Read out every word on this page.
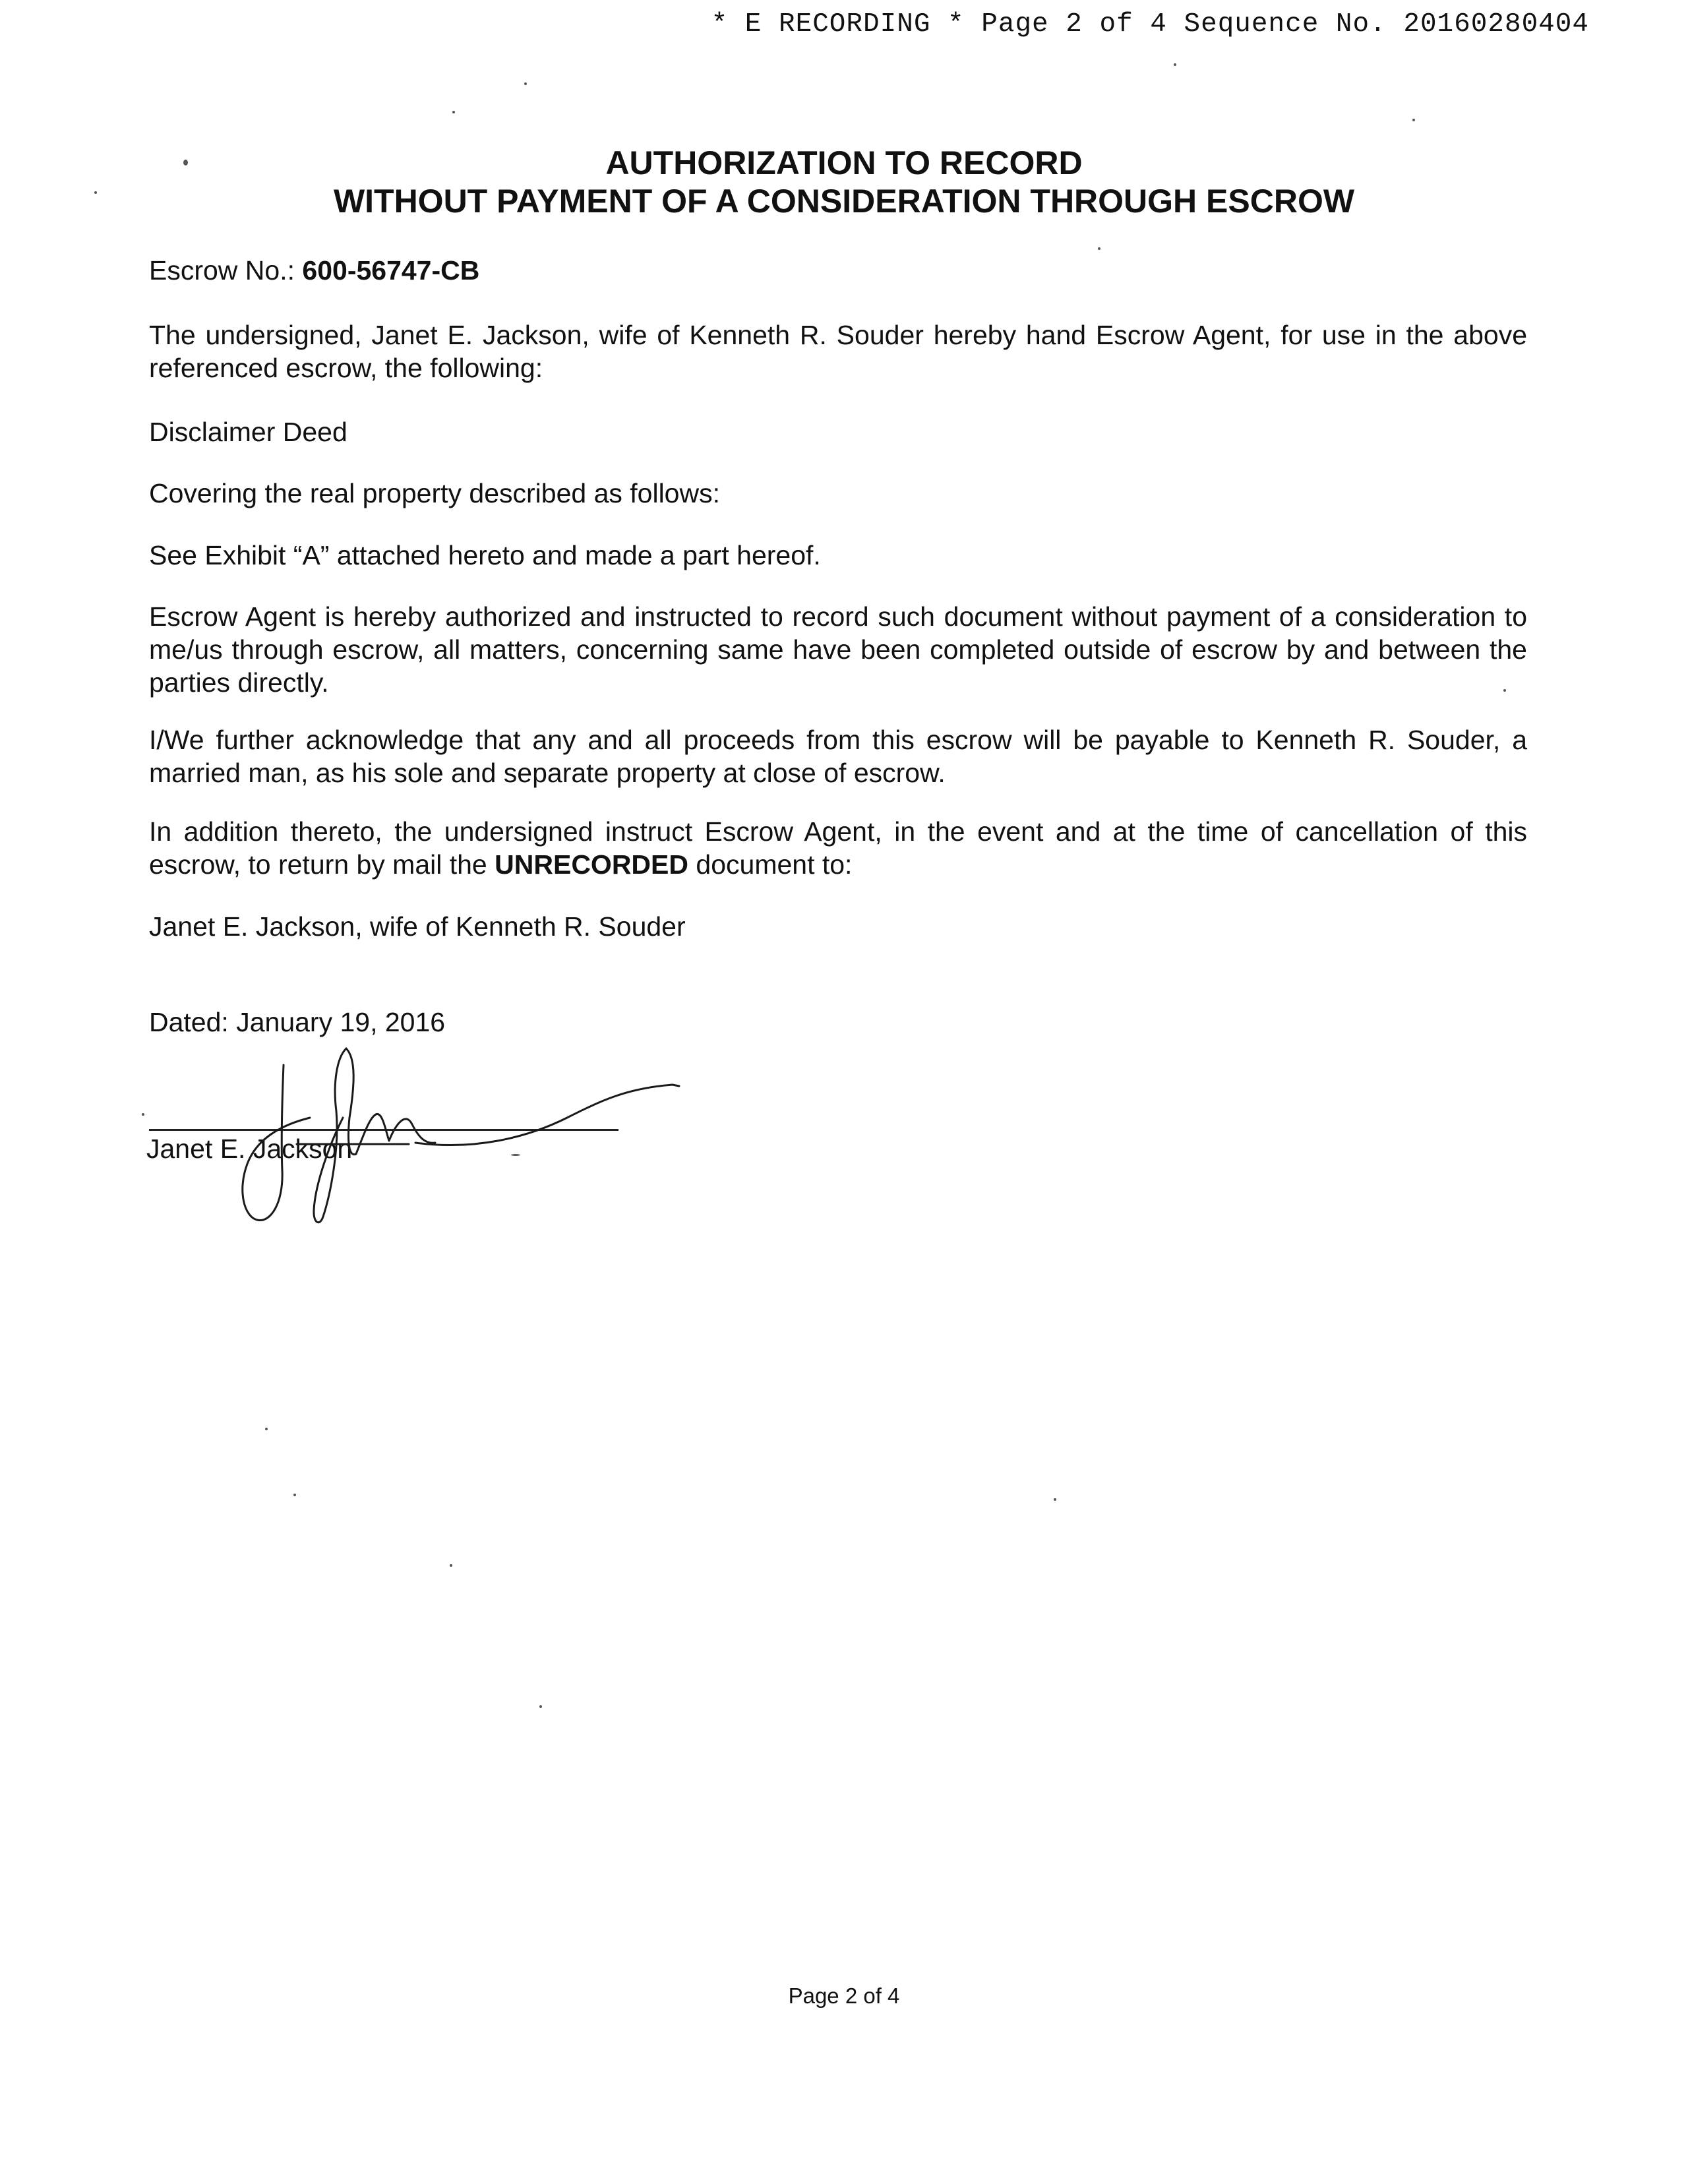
* E RECORDING * Page 2 of 4 Sequence No. 20160280404
AUTHORIZATION TO RECORD
WITHOUT PAYMENT OF A CONSIDERATION THROUGH ESCROW
Escrow No.: 600-56747-CB
The undersigned, Janet E. Jackson, wife of Kenneth R. Souder hereby hand Escrow Agent, for use in the above referenced escrow, the following:
Disclaimer Deed
Covering the real property described as follows:
See Exhibit “A” attached hereto and made a part hereof.
Escrow Agent is hereby authorized and instructed to record such document without payment of a consideration to me/us through escrow, all matters, concerning same have been completed outside of escrow by and between the parties directly.
I/We further acknowledge that any and all proceeds from this escrow will be payable to Kenneth R. Souder, a married man, as his sole and separate property at close of escrow.
In addition thereto, the undersigned instruct Escrow Agent, in the event and at the time of cancellation of this escrow, to return by mail the UNRECORDED document to:
Janet E. Jackson, wife of Kenneth R. Souder
Dated: January 19, 2016
Janet E. Jackson
Page 2 of 4
